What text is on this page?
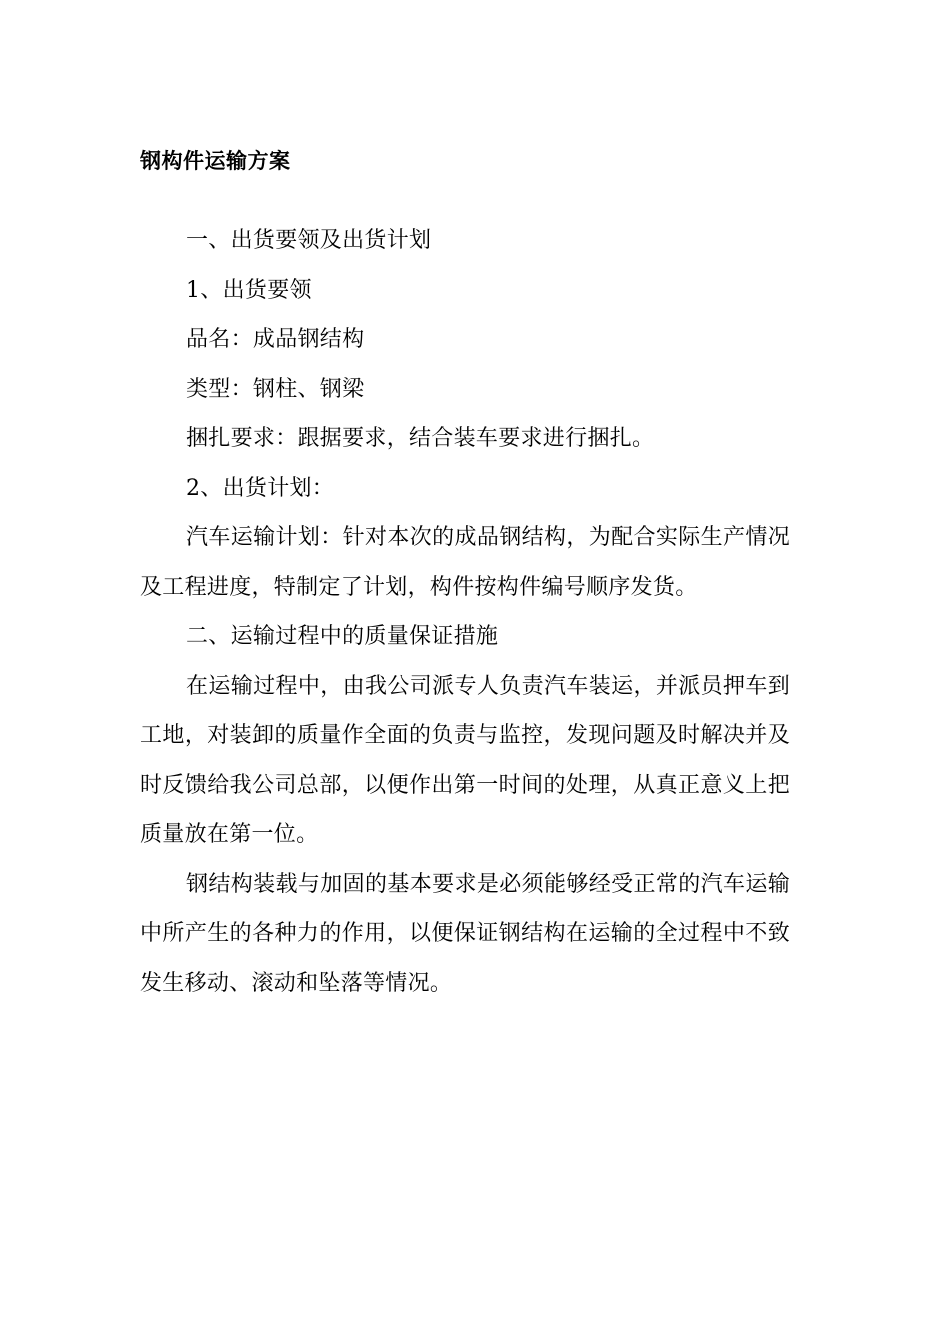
钢构件运输方案

一、出货要领及出货计划

1、出货要领

品名：成品钢结构

类型：钢柱、钢梁

捆扎要求：跟据要求，结合装车要求进行捆扎。

2、出货计划：

汽车运输计划：针对本次的成品钢结构，为配合实际生产情况及工程进度，特制定了计划，构件按构件编号顺序发货。

二、运输过程中的质量保证措施

在运输过程中，由我公司派专人负责汽车装运，并派员押车到工地，对装卸的质量作全面的负责与监控，发现问题及时解决并及时反馈给我公司总部，以便作出第一时间的处理，从真正意义上把质量放在第一位。

钢结构装载与加固的基本要求是必须能够经受正常的汽车运输中所产生的各种力的作用，以便保证钢结构在运输的全过程中不致发生移动、滚动和坠落等情况。
